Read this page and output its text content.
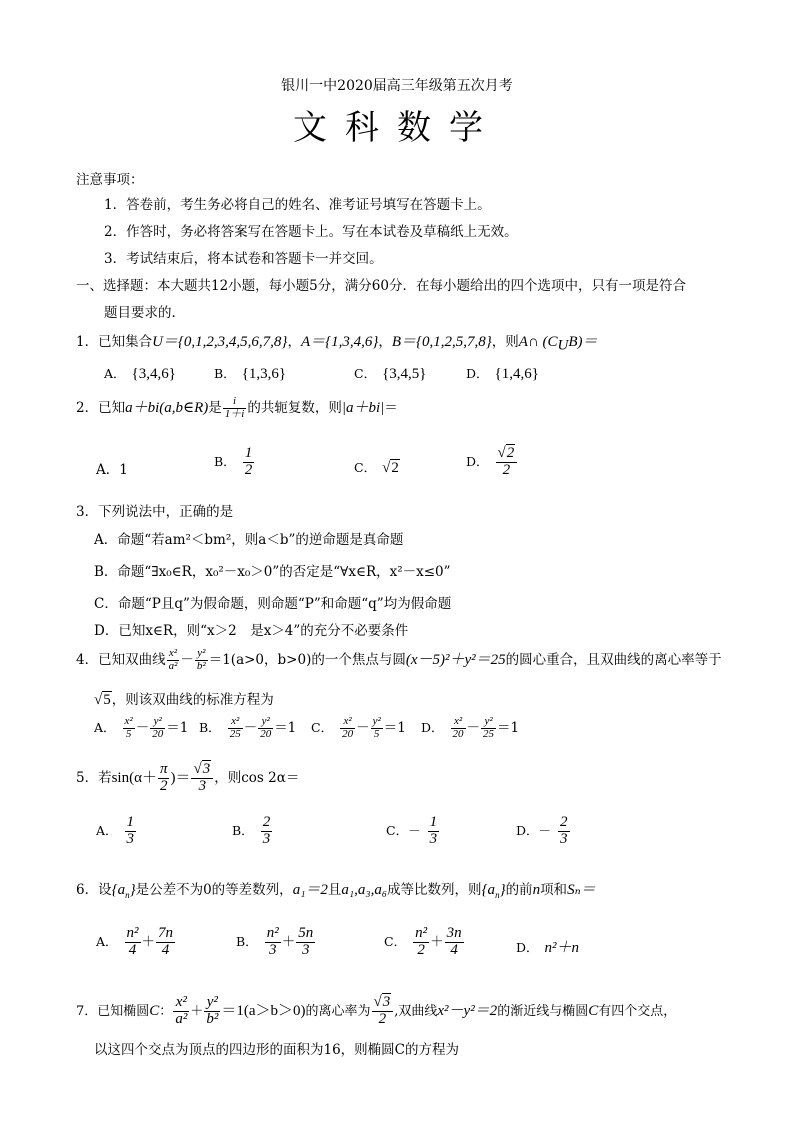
银川一中2020届高三年级第五次月考
文科数学
注意事项：
1．答卷前，考生务必将自己的姓名、准考证号填写在答题卡上。
2．作答时，务必将答案写在答题卡上。写在本试卷及草稿纸上无效。
3．考试结束后，将本试卷和答题卡一并交回。
一、选择题：本大题共12小题，每小题5分，满分60分．在每小题给出的四个选项中，只有一项是符合
题目要求的.
1．已知集合U＝{0,1,2,3,4,5,6,7,8}，A＝{1,3,4,6}，B＝{0,1,2,5,7,8}，则A∩ $(C_UB)=$
A． {3,4,6}	B． {1,3,6}	C． {3,4,5}	D． {1,4,6}
2．已知a＋bi(a,b∈R)是 $\frac{i}{1+i}$ 的共轭复数，则|a＋bi|＝
A．1
B． $\frac{1}{2}$	C． √2	D． $\frac{√2}{2}$
3．下列说法中，正确的是
A．命题“若am²＜bm²，则a＜b”的逆命题是真命题
B．命题“∃x₀∈R，x₀²－x₀＞0”的否定是“∀x∈R，x²－x≤0”
C．命题“P且q”为假命题，则命题“P”和命题“q”均为假命题
D．已知x∈R，则“x＞2　是x＞4”的充分不必要条件
4．已知双曲线 $\frac{\text{x²}}{\text{a²}} - \frac{\text{y²}}{\text{b²}} =1(a>0$，b>0)的一个焦点与圆(x－5)²＋y²＝25的圆心重合，且双曲线的离心率等于
√5，则该双曲线的标准方程为
A． $\frac{\text{x²}}{5} - \frac{\text{y²}}{20} =1$ B． $\frac{\text{x²}}{25} - \frac{\text{y²}}{20} =1$ C． $\frac{\text{x²}}{20} - \frac{\text{y²}}{5} =1$ D． $\frac{\text{x²}}{20} - \frac{\text{y²}}{25} =1$
5．若$\sin(\alpha+ \frac{\pi}{2}$ )＝ $\frac{√3}{3}$ ，则cos 2α＝
A． $\frac{1}{3}$	B． $\frac{2}{3}$	C．－ $\frac{1}{3}$	D．－ $\frac{2}{3}$
6．设$\{a_n\}$是公差不为0的等差数列，a₁＝2且a₁,a₃,a₆成等比数列，则$\{a_n\}$的前n项和Sₙ＝
A． $\frac{\text{n²}}{4} + \frac{7n}{4}$	B． $\frac{\text{n²}}{3} + \frac{5n}{3}$	C． $\frac{\text{n²}}{2} + \frac{3n}{4}$	D． n²＋n
7．已知椭圆C： $\frac{\text{x²}}{\text{a²}} + \frac{\text{y²}}{\text{b²}} =1(a>b>0)$的离心率为 $\frac{√3}{2}$ ,双曲线x²－y²＝2的渐近线与椭圆C有四个交点，
以这四个交点为顶点的四边形的面积为16，则椭圆C的方程为
